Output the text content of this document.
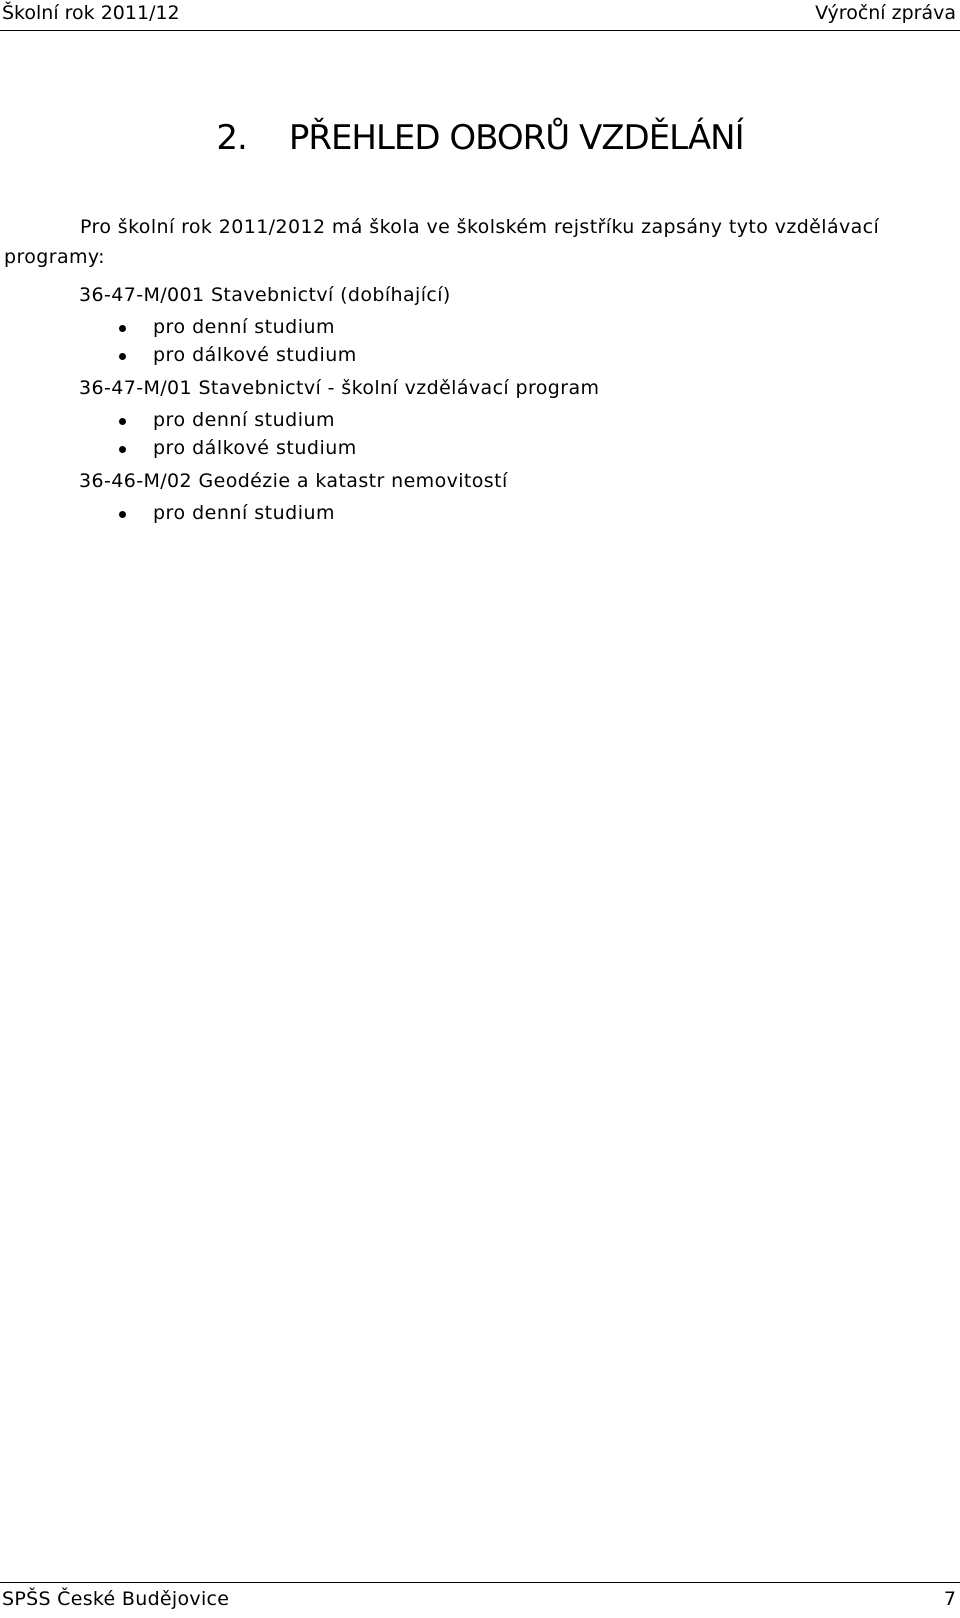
Školní rok 2011/12	Výroční zpráva
2. PŘEHLED OBORŮ VZDĚLÁNÍ

Pro školní rok 2011/2012 má škola ve školském rejstříku zapsány tyto vzdělávací programy:

36-47-M/001 Stavebnictví (dobíhající)
pro denní studium
pro dálkové studium
36-47-M/01 Stavebnictví - školní vzdělávací program
pro denní studium
pro dálkové studium
36-46-M/02 Geodézie a katastr nemovitostí
pro denní studium
SPŠS České Budějovice	7
